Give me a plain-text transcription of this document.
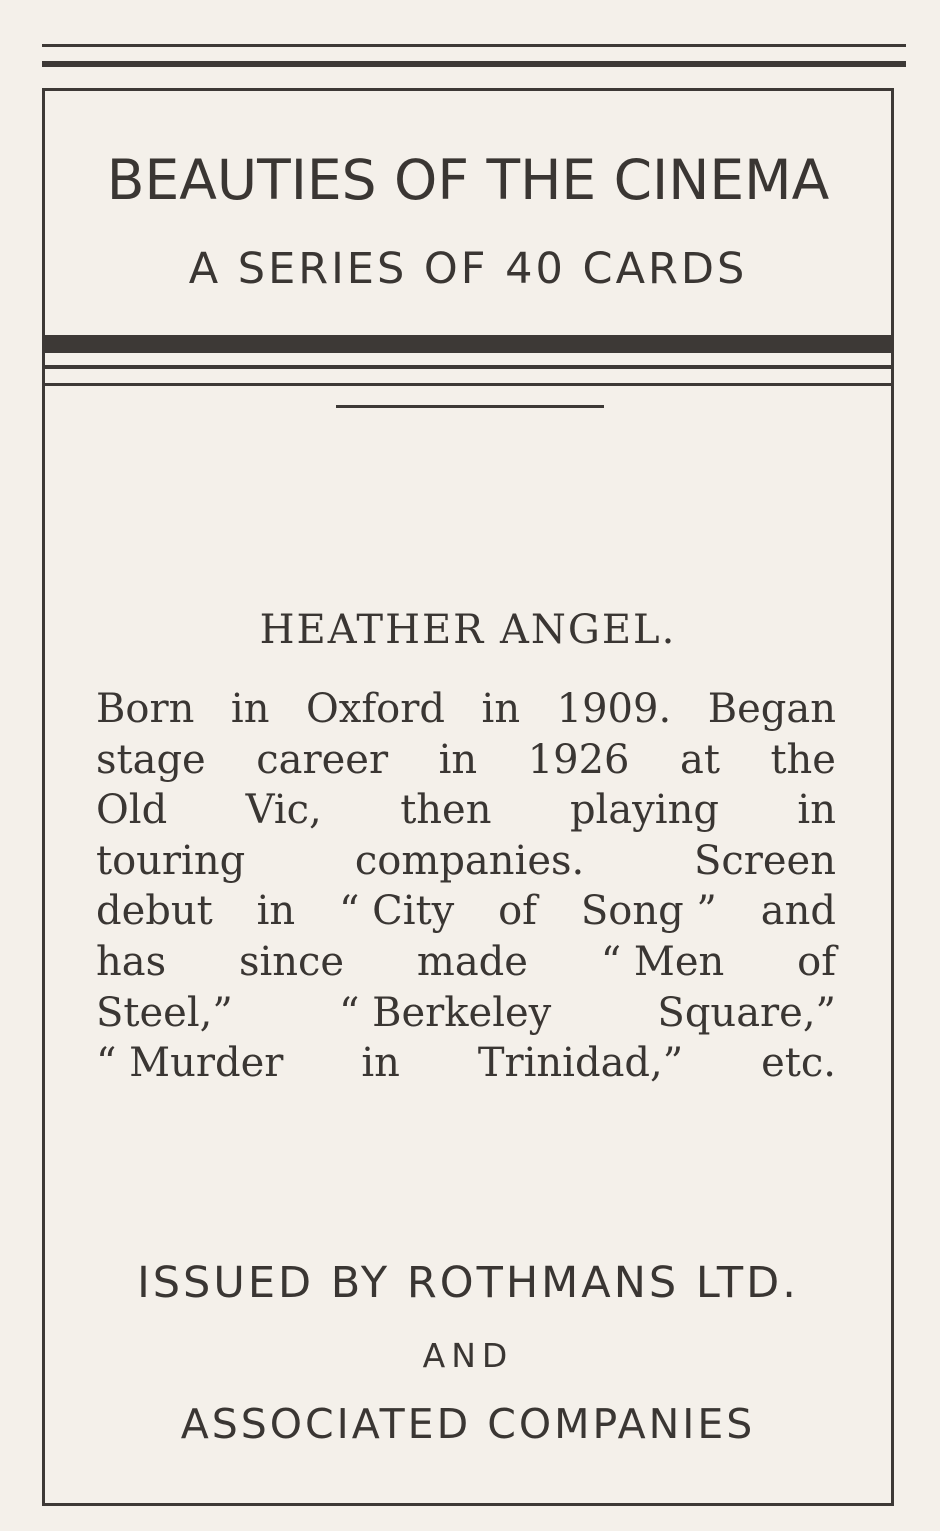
BEAUTIES OF THE CINEMA
A SERIES OF 40 CARDS
HEATHER ANGEL.
Born in Oxford in 1909. Began
stage career in 1926 at the
Old Vic, then playing in
touring	companies.	Screen
debut in “ City of Song ” and
has since made “ Men of
Steel,”	“ Berkeley	Square,”
“ Murder in Trinidad,” etc.
ISSUED BY ROTHMANS LTD.
AND
ASSOCIATED COMPANIES
